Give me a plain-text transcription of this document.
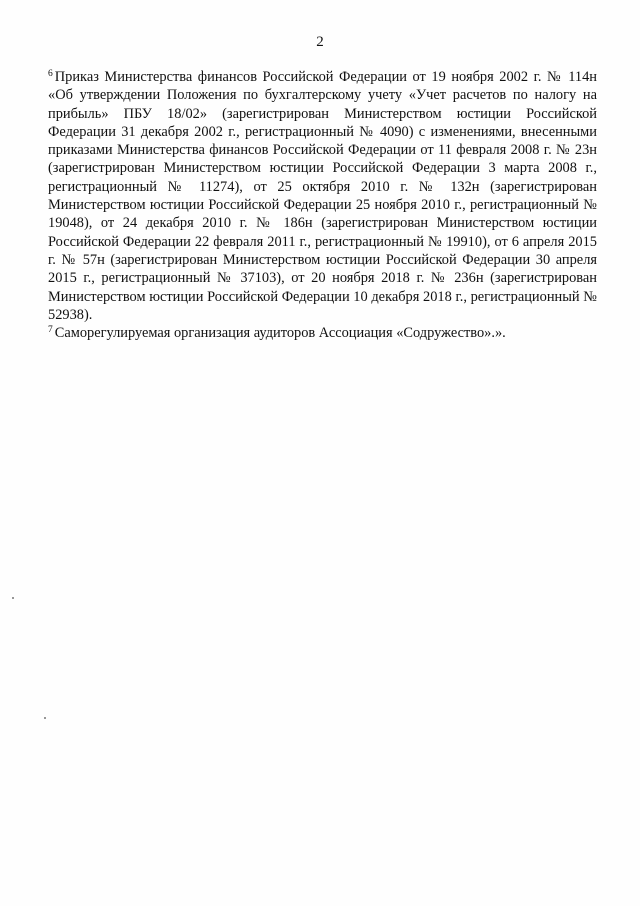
2

$^6$ Приказ Министерства финансов Российской Федерации от 19 ноября 2002 г. № 114н «Об утверждении Положения по бухгалтерскому учету «Учет расчетов по налогу на прибыль» ПБУ 18/02» (зарегистрирован Министерством юстиции Российской Федерации 31 декабря 2002 г., регистрационный № 4090) с изменениями, внесенными приказами Министерства финансов Российской Федерации от 11 февраля 2008 г. № 23н (зарегистрирован Министерством юстиции Российской Федерации 3 марта 2008 г., регистрационный № 11274), от 25 октября 2010 г. № 132н (зарегистрирован Министерством юстиции Российской Федерации 25 ноября 2010 г., регистрационный № 19048), от 24 декабря 2010 г. № 186н (зарегистрирован Министерством юстиции Российской Федерации 22 февраля 2011 г., регистрационный № 19910), от 6 апреля 2015 г. № 57н (зарегистрирован Министерством юстиции Российской Федерации 30 апреля 2015 г., регистрационный № 37103), от 20 ноября 2018 г. № 236н (зарегистрирован Министерством юстиции Российской Федерации 10 декабря 2018 г., регистрационный № 52938).

$^7$ Саморегулируемая организация аудиторов Ассоциация «Содружество».».
